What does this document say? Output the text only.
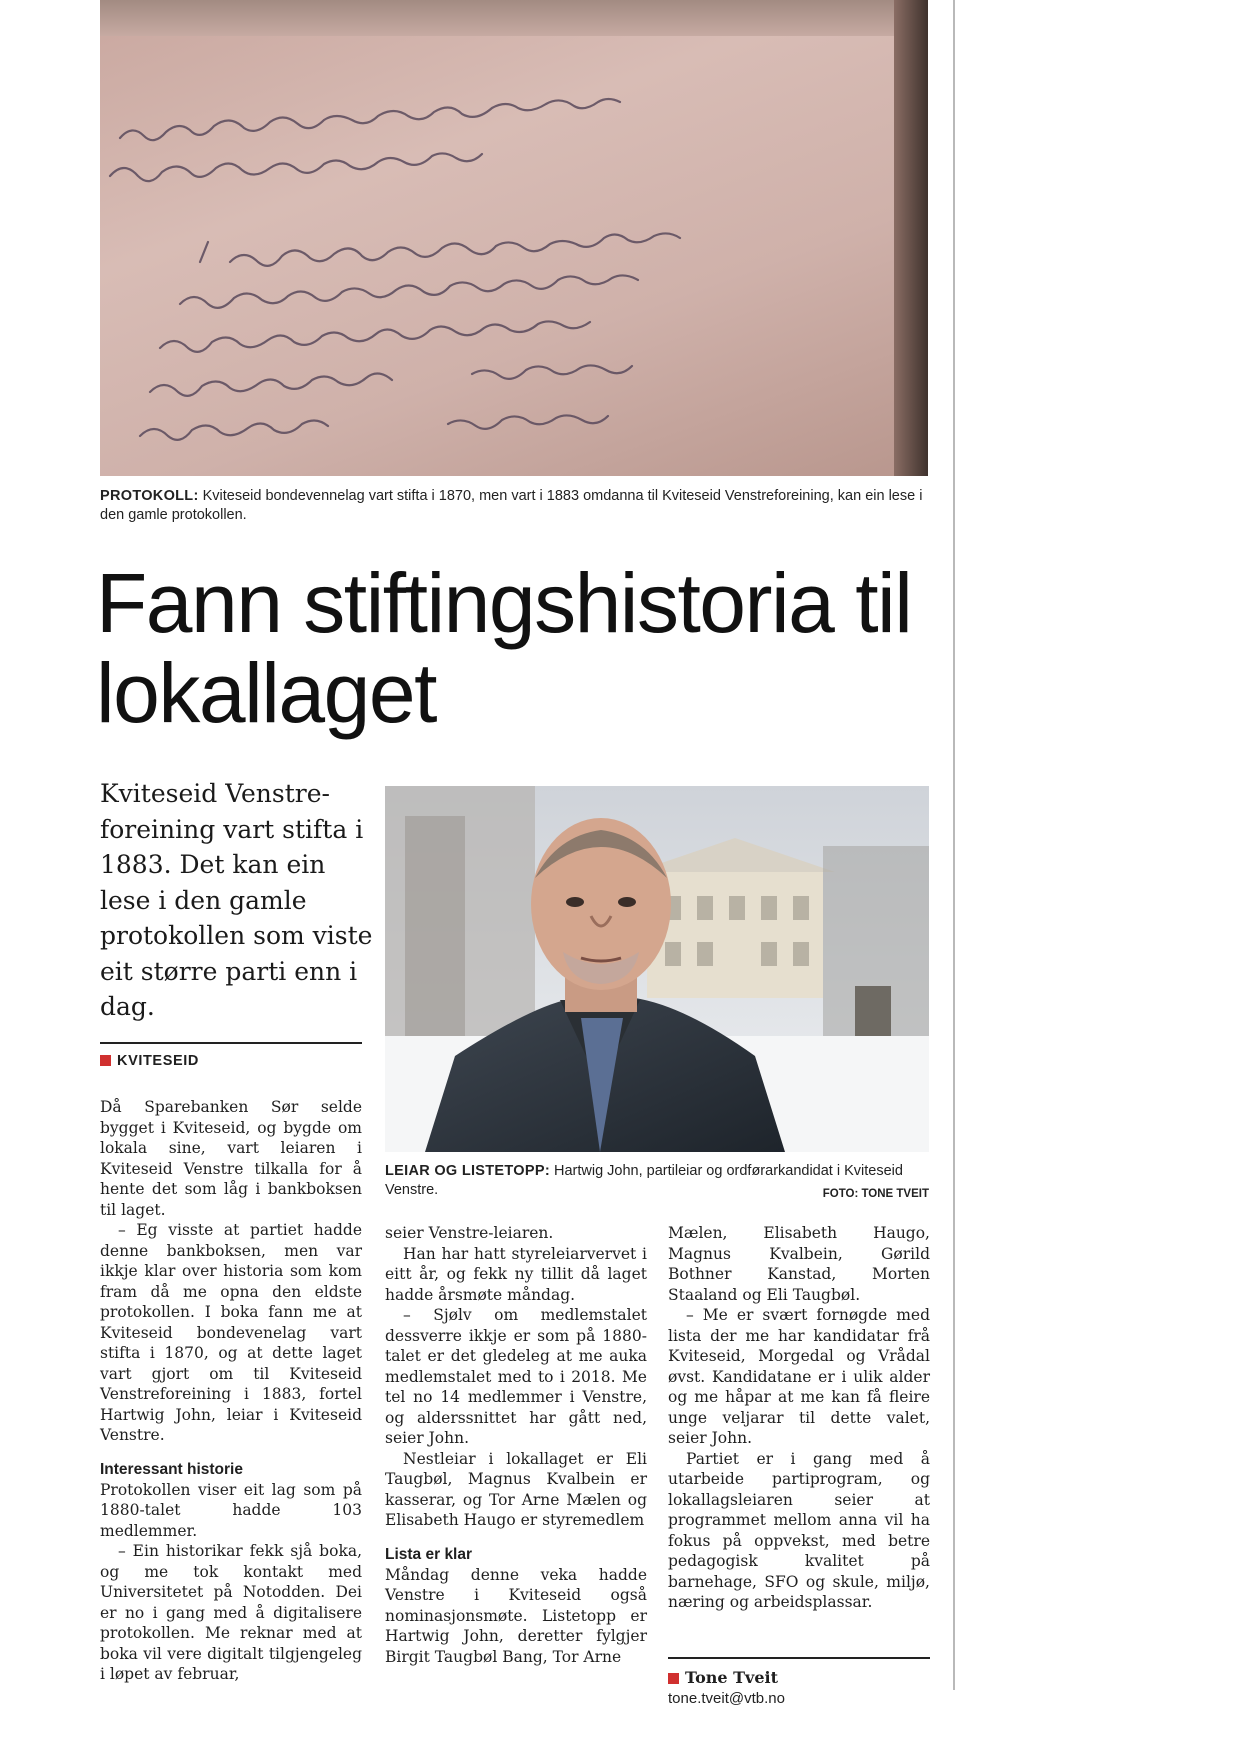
PROTOKOLL: Kviteseid bondevennelag vart stifta i 1870, men vart i 1883 omdanna til Kviteseid Venstreforeining, kan ein lese i den gamle protokollen.
Fann stiftingshistoria til lokallaget
Kviteseid Venstreforeining vart stifta i 1883. Det kan ein lese i den gamle protokollen som viste eit større parti enn i dag.
LEIAR OG LISTETOPP: Hartwig John, partileiar og ordførarkandidat i Kviteseid Venstre.	FOTO: TONE TVEIT
KVITESEID

Då Sparebanken Sør selde bygget i Kviteseid, og bygde om lokala sine, vart leiaren i Kviteseid Venstre tilkalla for å hente det som låg i bankboksen til laget.

– Eg visste at partiet hadde denne bankboksen, men var ikkje klar over historia som kom fram då me opna den eldste protokollen. I boka fann me at Kviteseid bondevenelag vart stifta i 1870, og at dette laget vart gjort om til Kviteseid Venstreforeining i 1883, fortel Hartwig John, leiar i Kviteseid Venstre.

Interessant historie

Protokollen viser eit lag som på 1880-talet hadde 103 medlemmer.

– Ein historikar fekk sjå boka, og me tok kontakt med Universitetet på Notodden. Dei er no i gang med å digitalisere protokollen. Me reknar med at boka vil vere digitalt tilgjengeleg i løpet av februar,

seier Venstre-leiaren.

Han har hatt styreleiarvervet i eitt år, og fekk ny tillit då laget hadde årsmøte måndag.

– Sjølv om medlemstalet dessverre ikkje er som på 1880-talet er det gledeleg at me auka medlemstalet med to i 2018. Me tel no 14 medlemmer i Venstre, og alderssnittet har gått ned, seier John.

Nestleiar i lokallaget er Eli Taugbøl, Magnus Kvalbein er kasserar, og Tor Arne Mælen og Elisabeth Haugo er styremedlem

Lista er klar

Måndag denne veka hadde Venstre i Kviteseid også nominasjonsmøte. Listetopp er Hartwig John, deretter fylgjer Birgit Taugbøl Bang, Tor Arne

Mælen, Elisabeth Haugo, Magnus Kvalbein, Gørild Bothner Kanstad, Morten Staaland og Eli Taugbøl.

– Me er svært fornøgde med lista der me har kandidatar frå Kviteseid, Morgedal og Vrådal øvst. Kandidatane er i ulik alder og me håpar at me kan få fleire unge veljarar til dette valet, seier John.

Partiet er i gang med å utarbeide partiprogram, og lokallagsleiaren seier at programmet mellom anna vil ha fokus på oppvekst, med betre pedagogisk kvalitet på barnehage, SFO og skule, miljø, næring og arbeidsplassar.

Tone Tveit
tone.tveit@vtb.no
